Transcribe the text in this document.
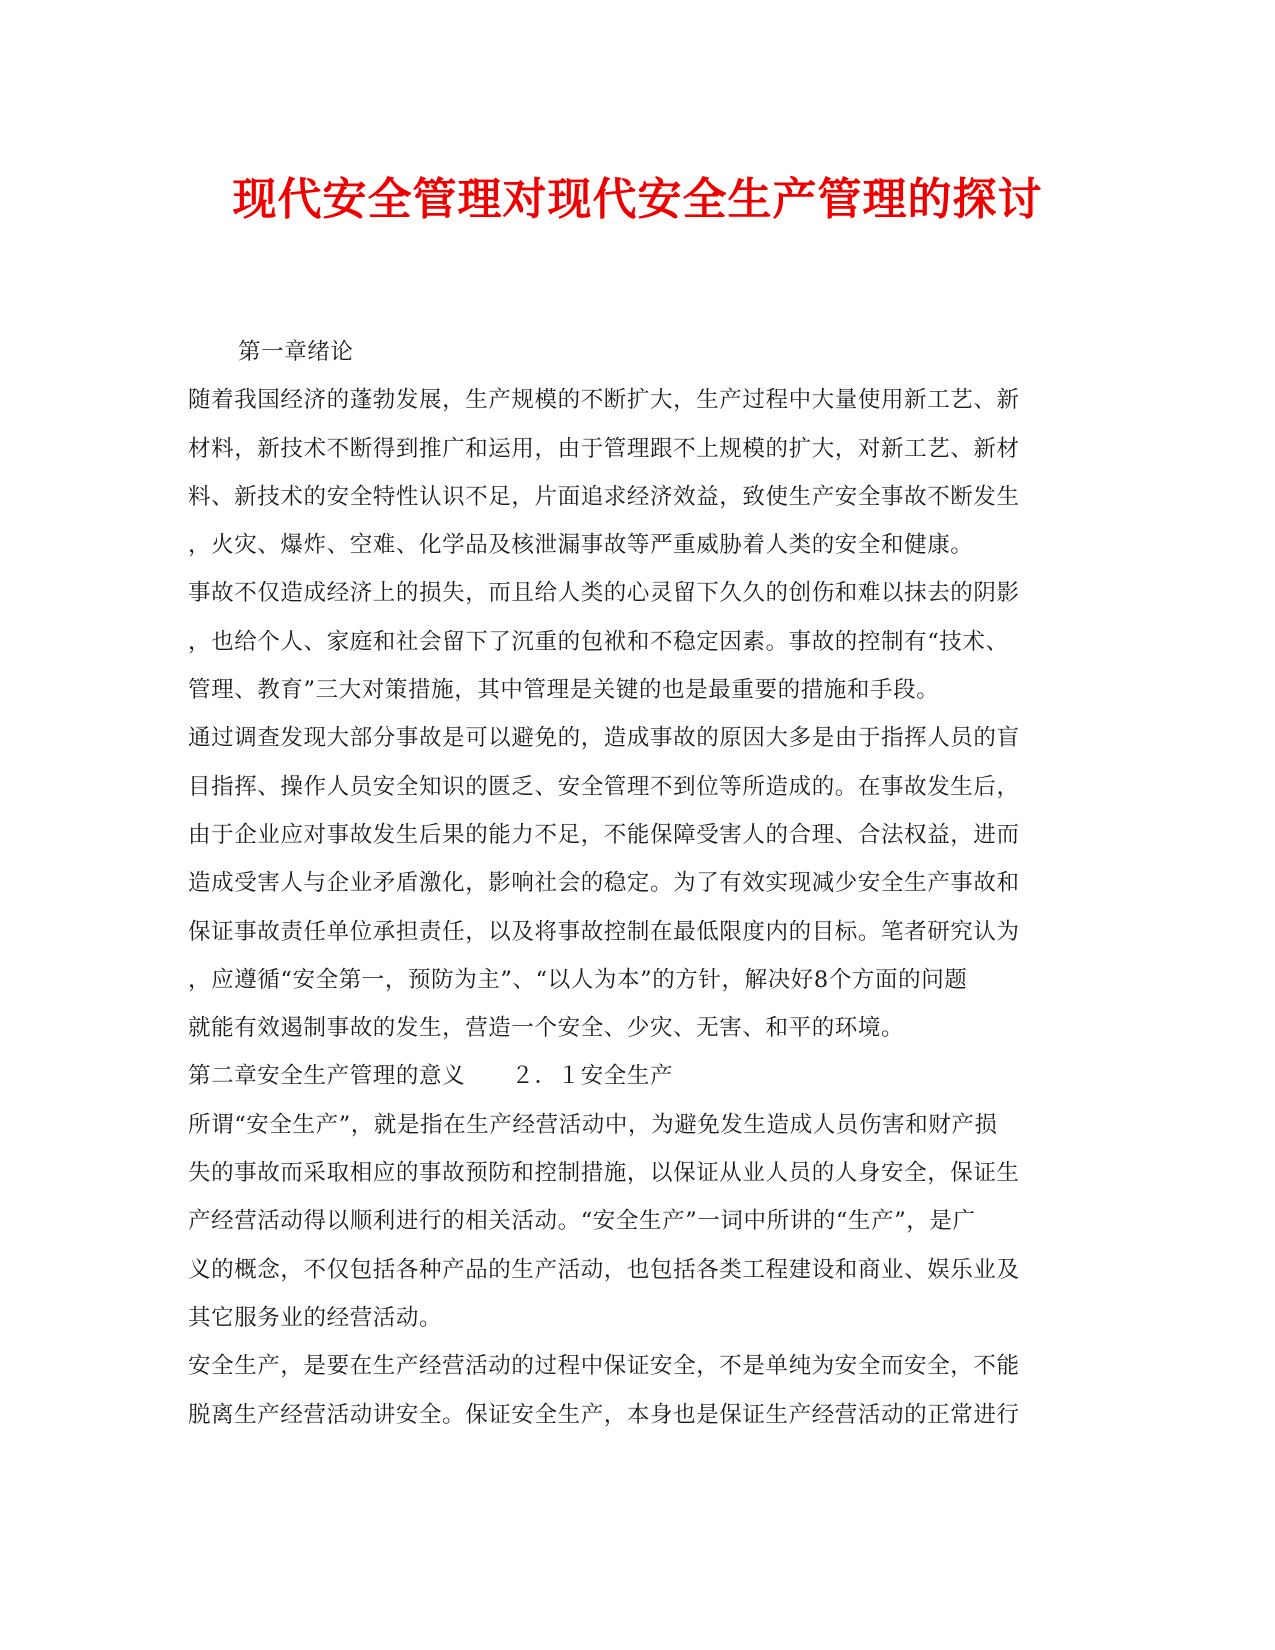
现代安全管理对现代安全生产管理的探讨
第一章绪论
随着我国经济的蓬勃发展，生产规模的不断扩大，生产过程中大量使用新工艺、新
材料，新技术不断得到推广和运用，由于管理跟不上规模的扩大，对新工艺、新材
料、新技术的安全特性认识不足，片面追求经济效益，致使生产安全事故不断发生
，火灾、爆炸、空难、化学品及核泄漏事故等严重威胁着人类的安全和健康。
事故不仅造成经济上的损失，而且给人类的心灵留下久久的创伤和难以抹去的阴影
，也给个人、家庭和社会留下了沉重的包袱和不稳定因素。事故的控制有“技术、
管理、教育”三大对策措施，其中管理是关键的也是最重要的措施和手段。
通过调查发现大部分事故是可以避免的，造成事故的原因大多是由于指挥人员的盲
目指挥、操作人员安全知识的匮乏、安全管理不到位等所造成的。在事故发生后，
由于企业应对事故发生后果的能力不足，不能保障受害人的合理、合法权益，进而
造成受害人与企业矛盾激化，影响社会的稳定。为了有效实现减少安全生产事故和
保证事故责任单位承担责任，以及将事故控制在最低限度内的目标。笔者研究认为
，应遵循“安全第一，预防为主”、“以人为本”的方针，解决好8个方面的问题
就能有效遏制事故的发生，营造一个安全、少灾、无害、和平的环境。
第二章安全生产管理的意义　　２．１安全生产
所谓“安全生产”，就是指在生产经营活动中，为避免发生造成人员伤害和财产损
失的事故而采取相应的事故预防和控制措施，以保证从业人员的人身安全，保证生
产经营活动得以顺利进行的相关活动。“安全生产”一词中所讲的“生产”，是广
义的概念，不仅包括各种产品的生产活动，也包括各类工程建设和商业、娱乐业及
其它服务业的经营活动。
安全生产，是要在生产经营活动的过程中保证安全，不是单纯为安全而安全，不能
脱离生产经营活动讲安全。保证安全生产，本身也是保证生产经营活动的正常进行
